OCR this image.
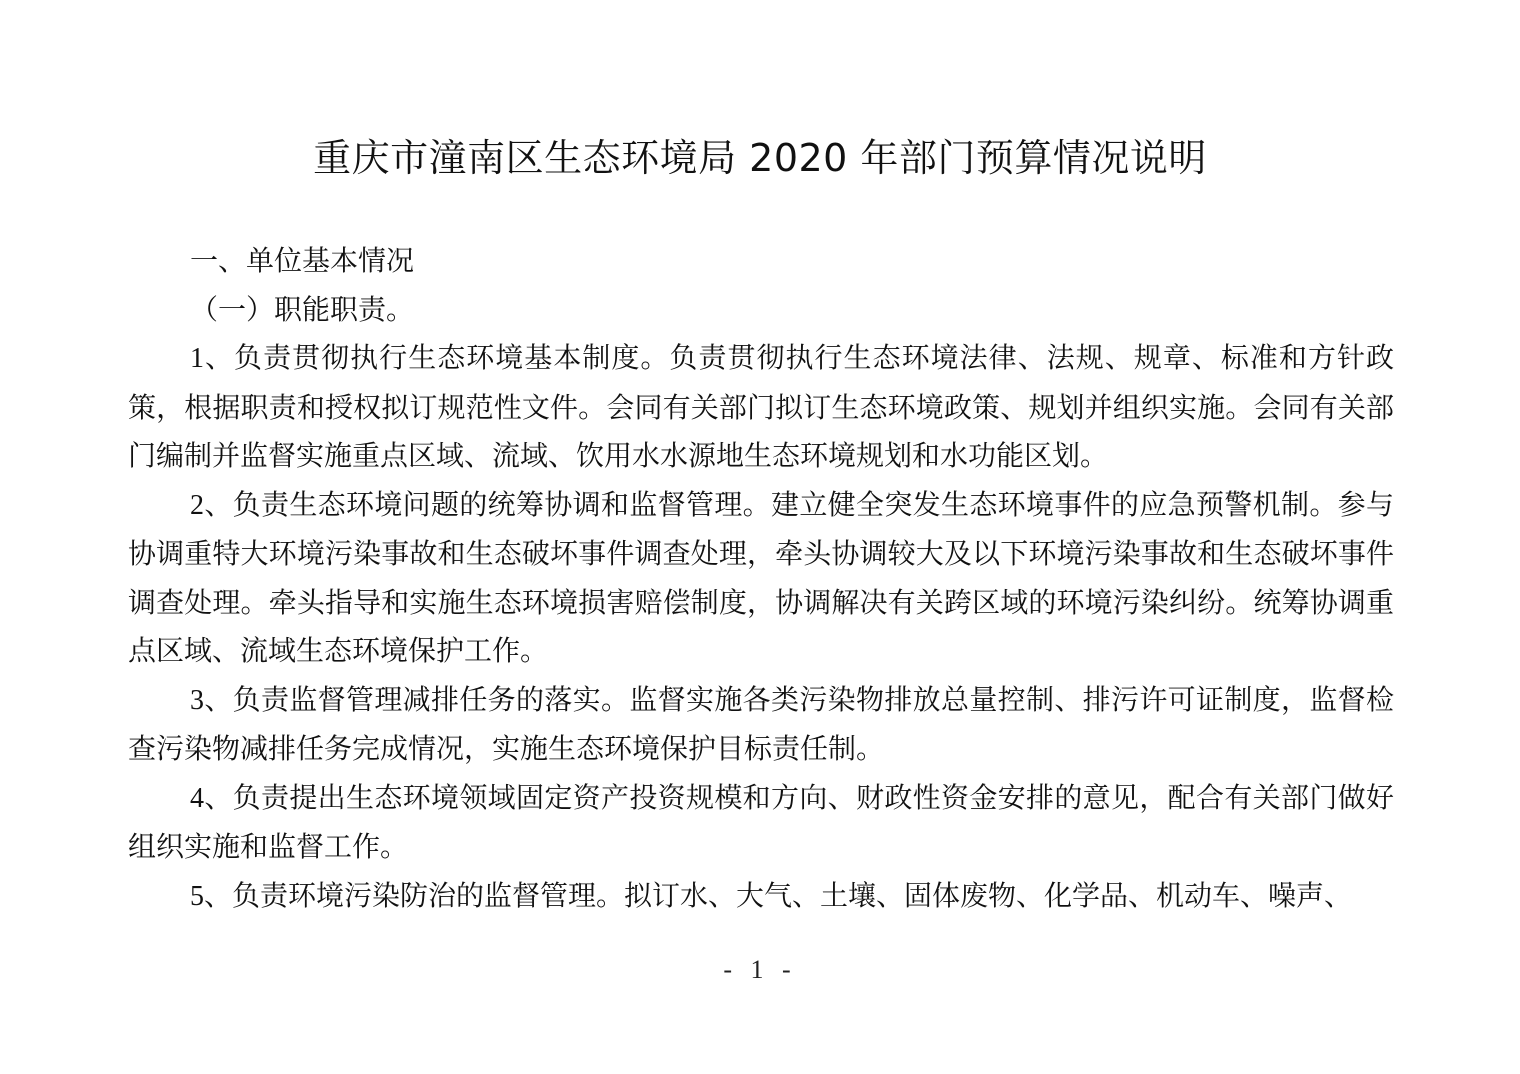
重庆市潼南区生态环境局 2020 年部门预算情况说明

一、单位基本情况

（一）职能职责。

1、负责贯彻执行生态环境基本制度。负责贯彻执行生态环境法律、法规、规章、标准和方针政策，根据职责和授权拟订规范性文件。会同有关部门拟订生态环境政策、规划并组织实施。会同有关部门编制并监督实施重点区域、流域、饮用水水源地生态环境规划和水功能区划。

2、负责生态环境问题的统筹协调和监督管理。建立健全突发生态环境事件的应急预警机制。参与协调重特大环境污染事故和生态破坏事件调查处理，牵头协调较大及以下环境污染事故和生态破坏事件调查处理。牵头指导和实施生态环境损害赔偿制度，协调解决有关跨区域的环境污染纠纷。统筹协调重点区域、流域生态环境保护工作。

3、负责监督管理减排任务的落实。监督实施各类污染物排放总量控制、排污许可证制度，监督检查污染物减排任务完成情况，实施生态环境保护目标责任制。

4、负责提出生态环境领域固定资产投资规模和方向、财政性资金安排的意见，配合有关部门做好组织实施和监督工作。

5、负责环境污染防治的监督管理。拟订水、大气、土壤、固体废物、化学品、机动车、噪声、

- 1 -
